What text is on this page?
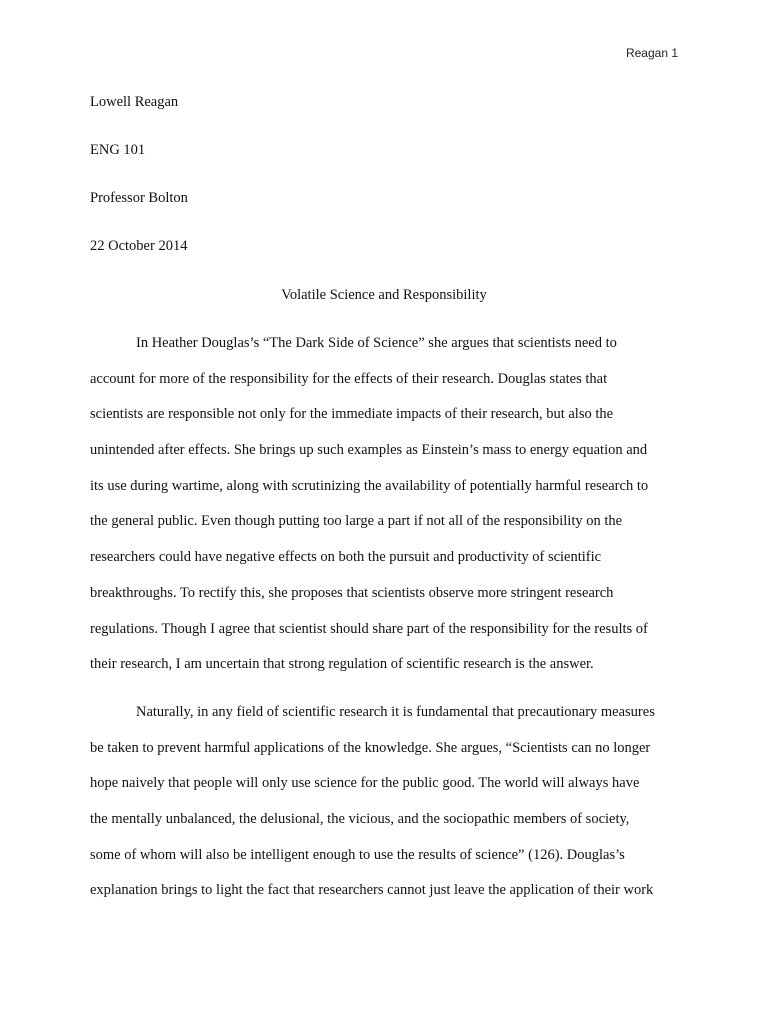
Reagan 1
Lowell Reagan
ENG 101
Professor Bolton
22 October 2014
Volatile Science and Responsibility
In Heather Douglas’s “The Dark Side of Science” she argues that scientists need to
account for more of the responsibility for the effects of their research. Douglas states that
scientists are responsible not only for the immediate impacts of their research, but also the
unintended after effects. She brings up such examples as Einstein’s mass to energy equation and
its use during wartime, along with scrutinizing the availability of potentially harmful research to
the general public. Even though putting too large a part if not all of the responsibility on the
researchers could have negative effects on both the pursuit and productivity of scientific
breakthroughs. To rectify this, she proposes that scientists observe more stringent research
regulations. Though I agree that scientist should share part of the responsibility for the results of
their research, I am uncertain that strong regulation of scientific research is the answer.
Naturally, in any field of scientific research it is fundamental that precautionary measures
be taken to prevent harmful applications of the knowledge. She argues, “Scientists can no longer
hope naively that people will only use science for the public good. The world will always have
the mentally unbalanced, the delusional, the vicious, and the sociopathic members of society,
some of whom will also be intelligent enough to use the results of science” (126). Douglas’s
explanation brings to light the fact that researchers cannot just leave the application of their work
